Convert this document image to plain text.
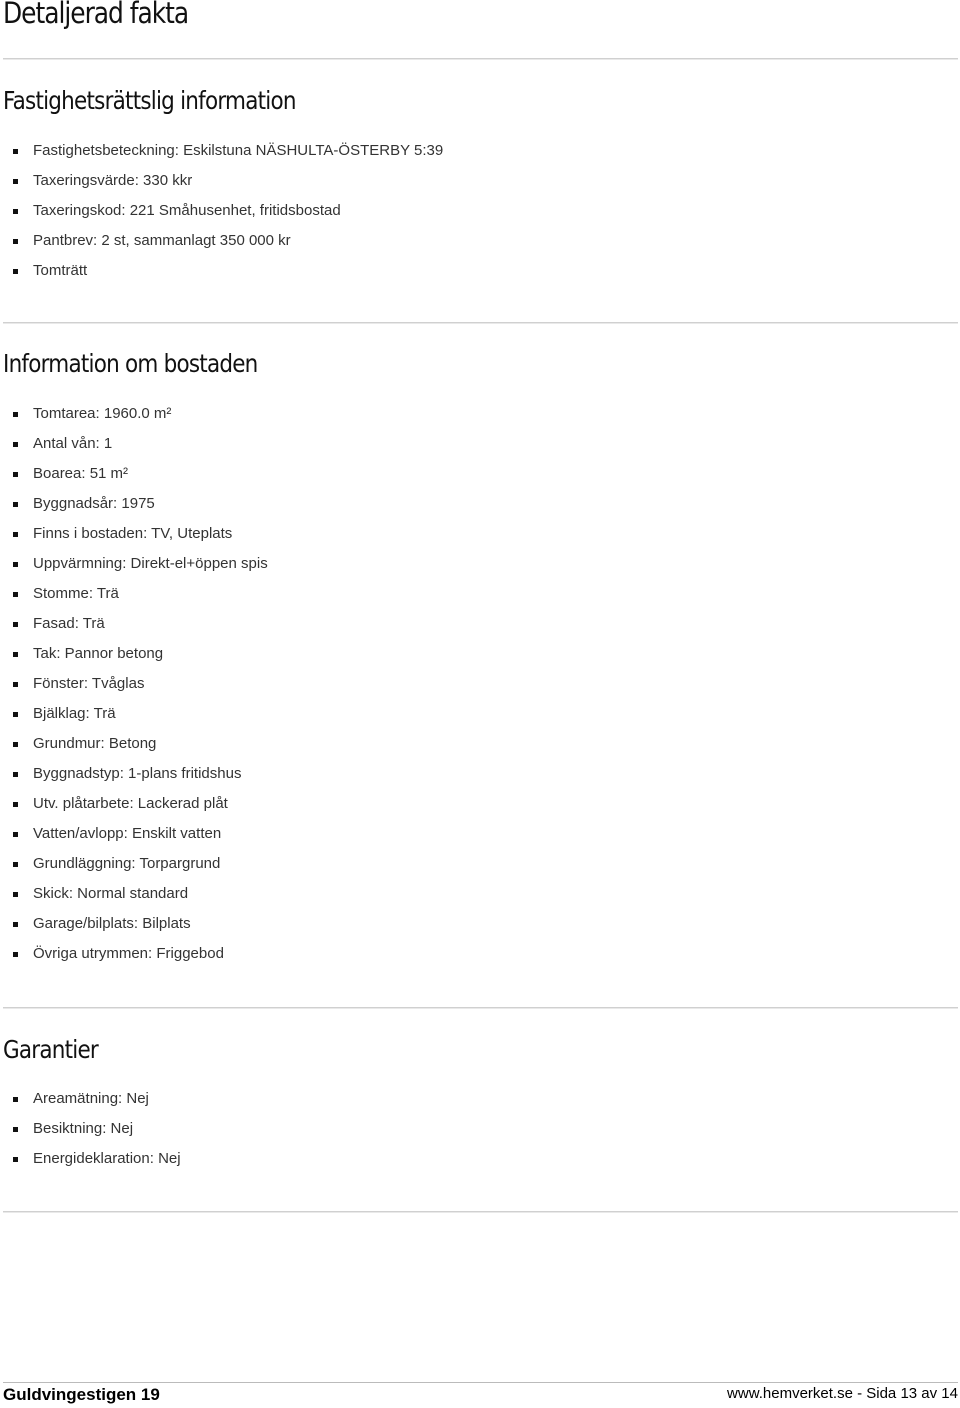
Detaljerad fakta
Fastighetsrättslig information
Fastighetsbeteckning: Eskilstuna NÄSHULTA-ÖSTERBY 5:39
Taxeringsvärde: 330 kkr
Taxeringskod: 221 Småhusenhet, fritidsbostad
Pantbrev: 2 st, sammanlagt 350 000 kr
Tomträtt
Information om bostaden
Tomtarea: 1960.0 m²
Antal vån: 1
Boarea: 51 m²
Byggnadsår: 1975
Finns i bostaden: TV, Uteplats
Uppvärmning: Direkt-el+öppen spis
Stomme: Trä
Fasad: Trä
Tak: Pannor betong
Fönster: Tvåglas
Bjälklag: Trä
Grundmur: Betong
Byggnadstyp: 1-plans fritidshus
Utv. plåtarbete: Lackerad plåt
Vatten/avlopp: Enskilt vatten
Grundläggning: Torpargrund
Skick: Normal standard
Garage/bilplats: Bilplats
Övriga utrymmen: Friggebod
Garantier
Areamätning: Nej
Besiktning: Nej
Energideklaration: Nej
Guldvingestigen 19	www.hemverket.se - Sida 13 av 14
